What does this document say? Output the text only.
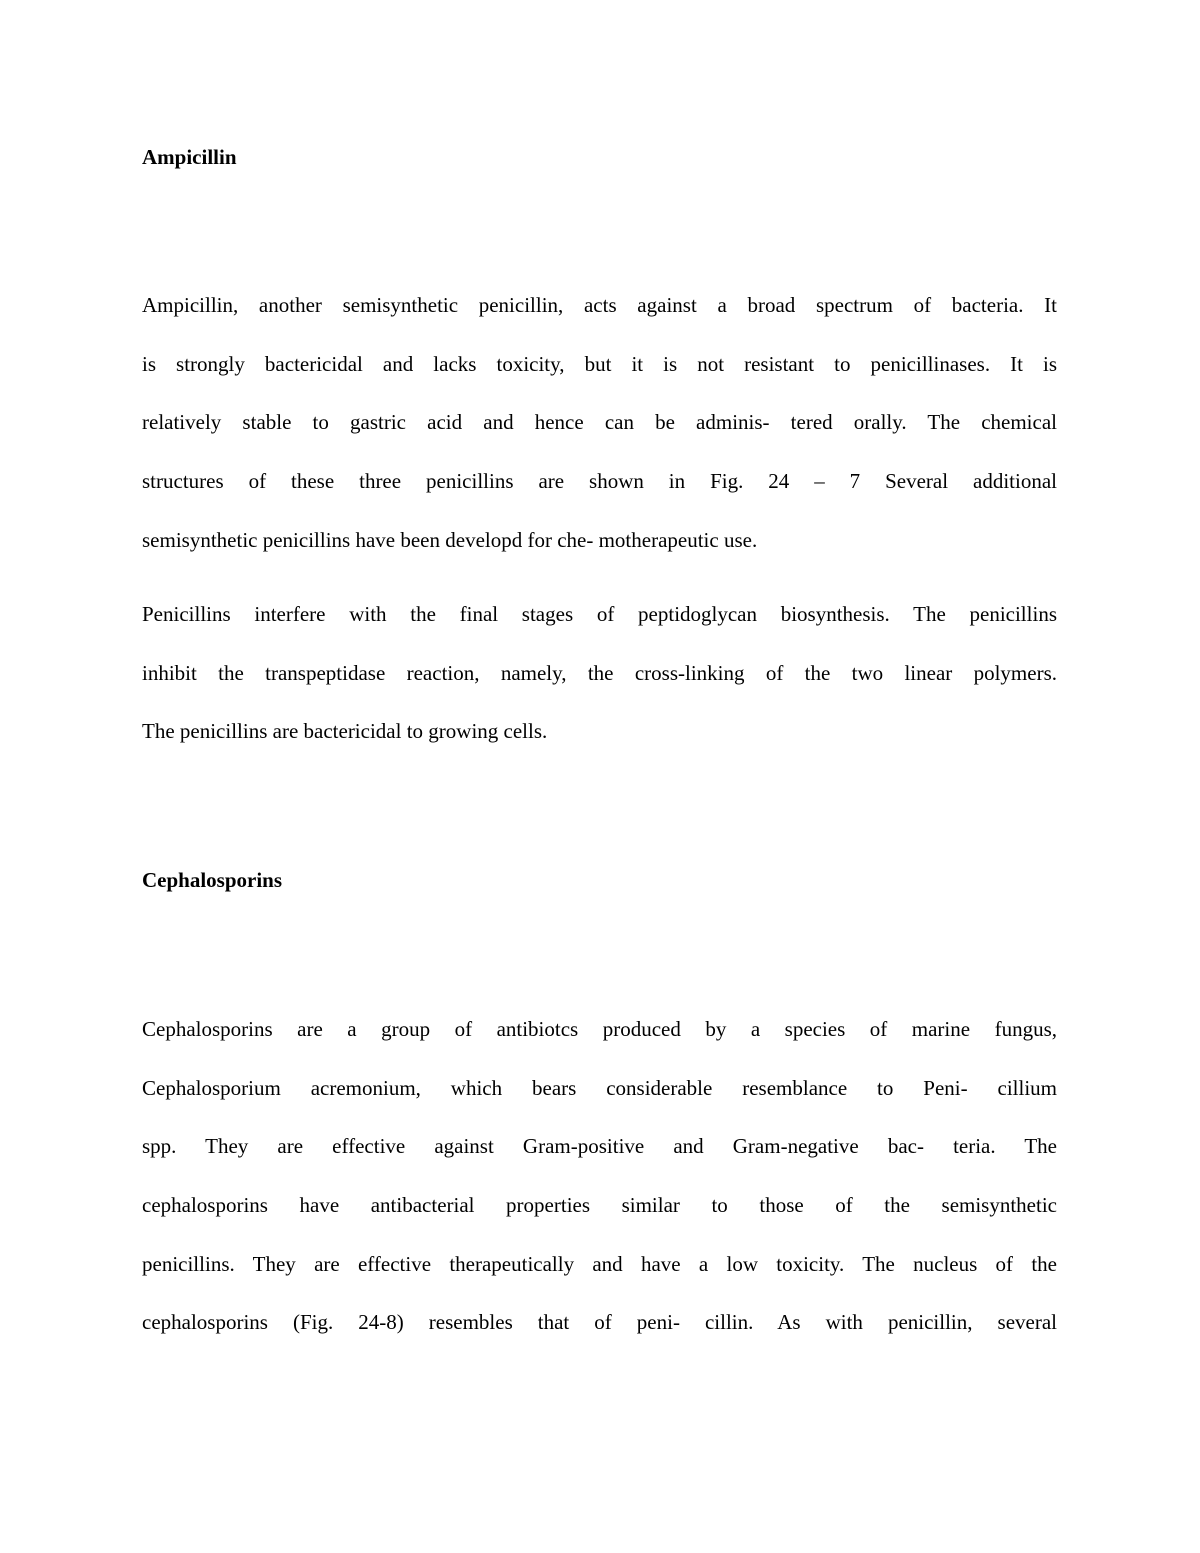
Ampicillin
Ampicillin, another semisynthetic penicillin, acts against a broad spectrum of bacteria. It
is strongly bactericidal and lacks toxicity, but it is not resistant to penicillinases. It is
relatively stable to gastric acid and hence can be adminis- tered orally. The chemical
structures of these three penicillins are shown in Fig. 24 – 7 Several additional
semisynthetic penicillins have been developd for che- motherapeutic use.
Penicillins interfere with the final stages of peptidoglycan biosynthesis. The penicillins
inhibit the transpeptidase reaction, namely, the cross-linking of the two linear polymers.
The penicillins are bactericidal to growing cells.
Cephalosporins
Cephalosporins are a group of antibiotcs produced by a species of marine fungus,
Cephalosporium acremonium, which bears considerable resemblance to Peni- cillium
spp. They are effective against Gram-positive and Gram-negative bac- teria. The
cephalosporins have antibacterial properties similar to those of the semisynthetic
penicillins. They are effective therapeutically and have a low toxicity. The nucleus of the
cephalosporins (Fig. 24-8) resembles that of peni- cillin. As with penicillin, several
